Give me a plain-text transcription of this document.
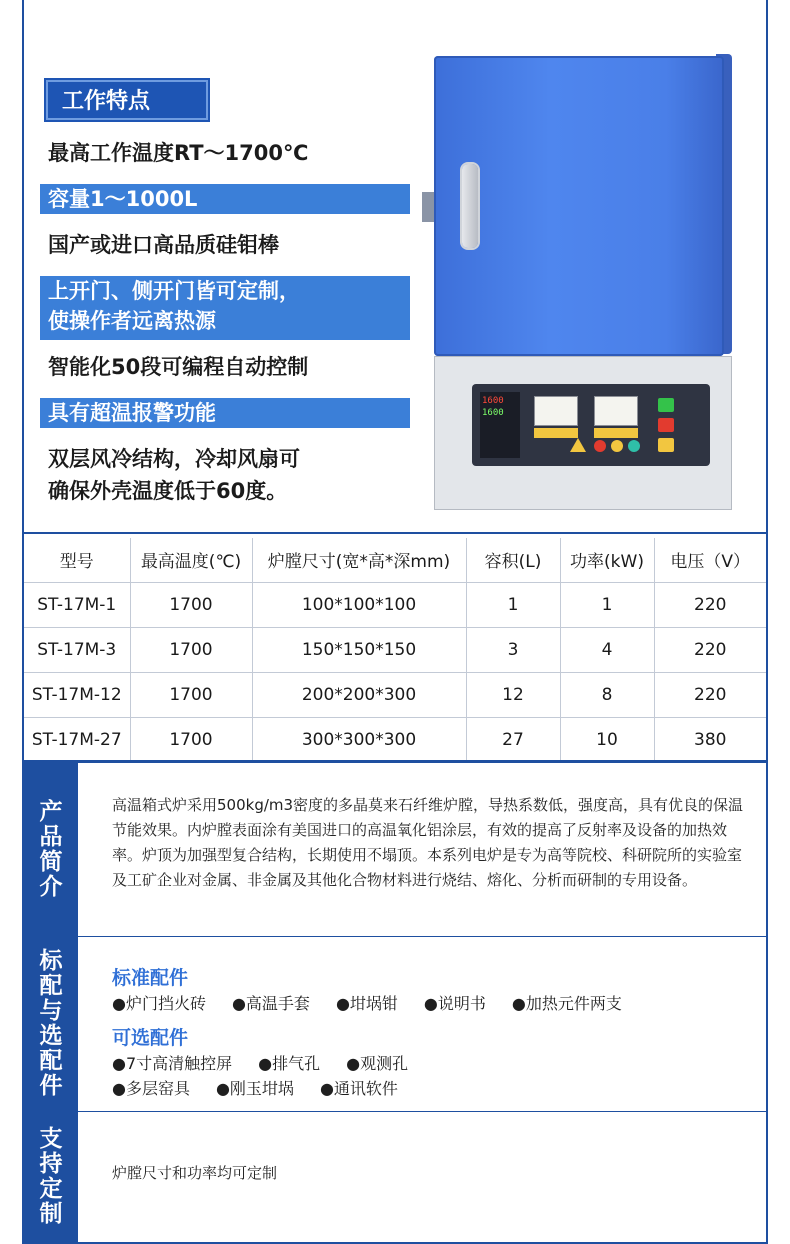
工作特点
最高工作温度RT～1700℃
容量1～1000L
国产或进口高品质硅钼棒
上开门、侧开门皆可定制，
使操作者远离热源
智能化50段可编程自动控制
具有超温报警功能
双层风冷结构，冷却风扇可
确保外壳温度低于60度。
1600
1600
型号	最高温度(℃)	炉膛尺寸(宽*高*深mm)	容积(L)	功率(kW)	电压（V）
ST-17M-1	1700	100*100*100	1	1	220
ST-17M-3	1700	150*150*150	3	4	220
ST-17M-12	1700	200*200*300	12	8	220
ST-17M-27	1700	300*300*300	27	10	380
产品简介
高温箱式炉采用500kg/m3密度的多晶莫来石纤维炉膛，导热系数低，强度高，具有优良的保温节能效果。内炉膛表面涂有美国进口的高温氧化铝涂层，有效的提高了反射率及设备的加热效率。炉顶为加强型复合结构，长期使用不塌顶。本系列电炉是专为高等院校、科研院所的实验室及工矿企业对金属、非金属及其他化合物材料进行烧结、熔化、分析而研制的专用设备。
标配与选配件
标准配件
●炉门挡火砖 ●高温手套 ●坩埚钳 ●说明书 ●加热元件两支
可选配件
●7寸高清触控屏 ●排气孔 ●观测孔
●多层窑具 ●刚玉坩埚 ●通讯软件
支持定制
炉膛尺寸和功率均可定制
